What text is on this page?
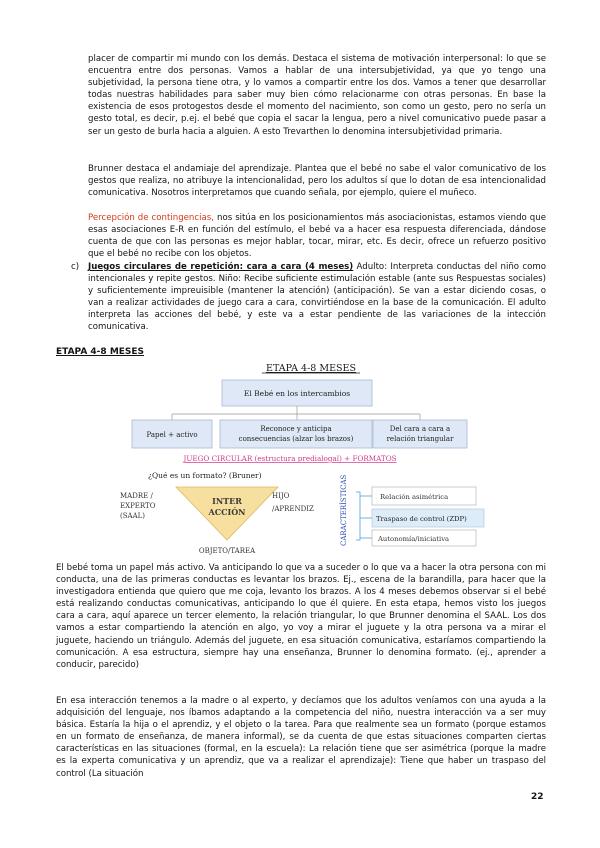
placer de compartir mi mundo con los demás. Destaca el sistema de motivación interpersonal: lo que se encuentra entre dos personas. Vamos a hablar de una intersubjetividad, ya que yo tengo una subjetividad, la persona tiene otra, y lo vamos a compartir entre los dos. Vamos a tener que desarrollar todas nuestras habilidades para saber muy bien cómo relacionarme con otras personas. En base la existencia de esos protogestos desde el momento del nacimiento, son como un gesto, pero no sería un gesto total, es decir, p.ej. el bebé que copia el sacar la lengua, pero a nivel comunicativo puede pasar a ser un gesto de burla hacia a alguien. A esto Trevarthen lo denomina intersubjetividad primaria.
Brunner destaca el andamiaje del aprendizaje. Plantea que el bebé no sabe el valor comunicativo de los gestos que realiza, no atribuye la intencionalidad, pero los adultos sí que lo dotan de esa intencionalidad comunicativa. Nosotros interpretamos que cuando señala, por ejemplo, quiere el muñeco.
Percepción de contingencias, nos sitúa en los posicionamientos más asociacionistas, estamos viendo que esas asociaciones E-R en función del estímulo, el bebé va a hacer esa respuesta diferenciada, dándose cuenta de que con las personas es mejor hablar, tocar, mirar, etc. Es decir, ofrece un refuerzo positivo que el bebé no recibe con los objetos.
c) Juegos circulares de repetición: cara a cara (4 meses) Adulto: Interpreta conductas del niño como intencionales y repite gestos. Niño: Recibe suficiente estimulación estable (ante sus Respuestas sociales) y suficientemente impreuisible (mantener la atención) (anticipación). Se van a estar diciendo cosas, o van a realizar actividades de juego cara a cara, convirtiéndose en la base de la comunicación. El adulto interpreta las acciones del bebé, y este va a estar pendiente de las variaciones de la intección comunicativa.
ETAPA 4-8 MESES
ETAPA 4-8 MESES
El Bebé en los intercambios
Papel + activo
Reconoce y anticipa
consecuencias (alzar los brazos)
Del cara a cara a
relación triangular
JUEGO CIRCULAR (estructura predialogal) + FORMATOS
¿Qué es un formato? (Bruner)
INTER
ACCIÓN
MADRE /
EXPERTO
(SAAL)
HIJO
/APRENDIZ
OBJETO/TAREA
CARACTERÍSTICAS	Relación asimétrica
Traspaso de control (ZDP)
Autonomía/iniciativa
El bebé toma un papel más activo. Va anticipando lo que va a suceder o lo que va a hacer la otra persona con mi conducta, una de las primeras conductas es levantar los brazos. Ej., escena de la barandilla, para hacer que la investigadora entienda que quiero que me coja, levanto los brazos. A los 4 meses debemos observar si el bebé está realizando conductas comunicativas, anticipando lo que él quiere. En esta etapa, hemos visto los juegos cara a cara, aquí aparece un tercer elemento, la relación triangular, lo que Brunner denomina el SAAL. Los dos vamos a estar compartiendo la atención en algo, yo voy a mirar el juguete y la otra persona va a mirar el juguete, haciendo un triángulo. Además del juguete, en esa situación comunicativa, estaríamos compartiendo la comunicación. A esa estructura, siempre hay una enseñanza, Brunner lo denomina formato. (ej., aprender a conducir, parecido)
En esa interacción tenemos a la madre o al experto, y decíamos que los adultos veníamos con una ayuda a la adquisición del lenguaje, nos íbamos adaptando a la competencia del niño, nuestra interacción va a ser muy básica. Estaría la hija o el aprendiz, y el objeto o la tarea. Para que realmente sea un formato (porque estamos en un formato de enseñanza, de manera informal), se da cuenta de que estas situaciones comparten ciertas características en las situaciones (formal, en la escuela): La relación tiene que ser asimétrica (porque la madre es la experta comunicativa y un aprendiz, que va a realizar el aprendizaje): Tiene que haber un traspaso del control (La situación
22
